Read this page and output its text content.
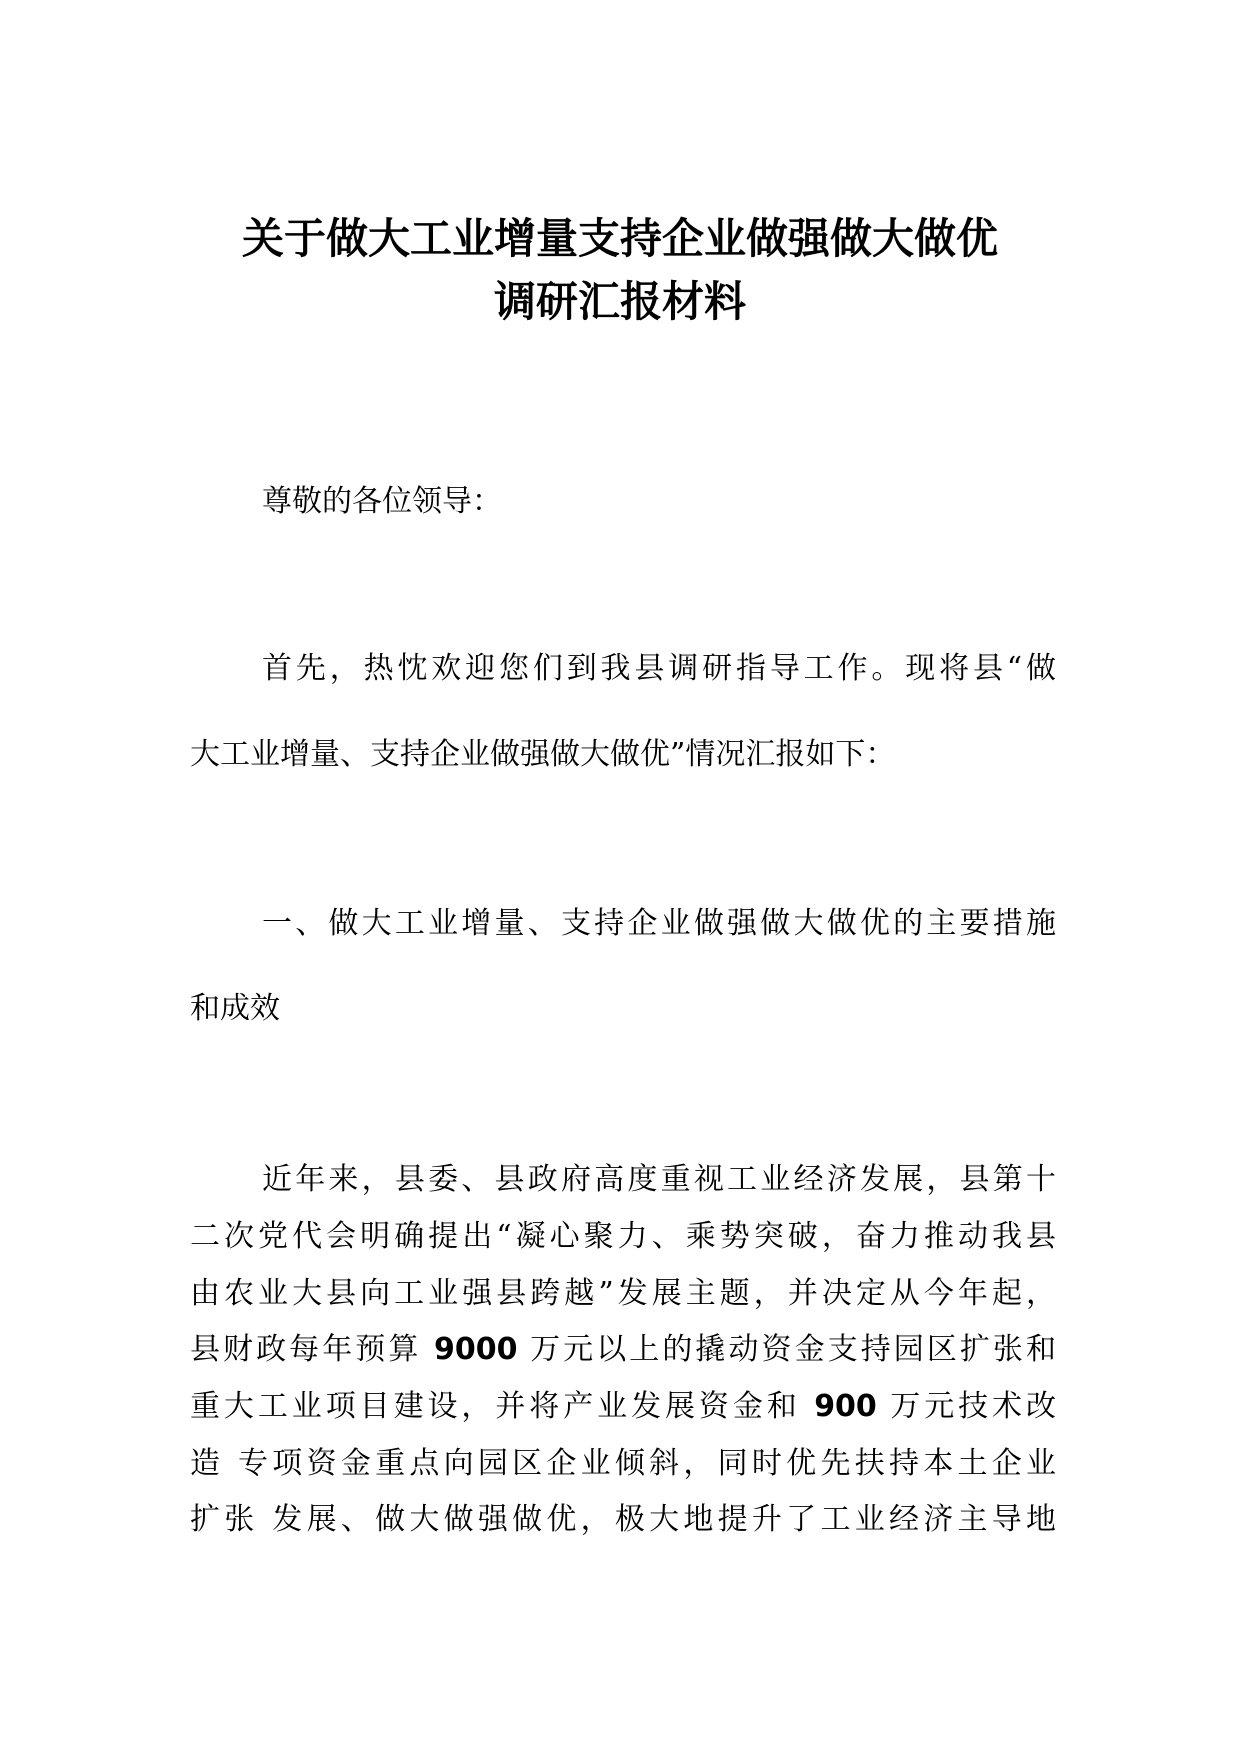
关于做大工业增量支持企业做强做大做优
调研汇报材料
尊敬的各位领导：
首先，热忱欢迎您们到我县调研指导工作。现将县“做
大工业增量、支持企业做强做大做优”情况汇报如下：
一、做大工业增量、支持企业做强做大做优的主要措施
和成效
近年来，县委、县政府高度重视工业经济发展，县第十
二次党代会明确提出“凝心聚力、乘势突破，奋力推动我县
由农业大县向工业强县跨越”发展主题，并决定从今年起，
县财政每年预算 9000 万元以上的撬动资金支持园区扩张和
重大工业项目建设，并将产业发展资金和 900 万元技术改
造 专项资金重点向园区企业倾斜，同时优先扶持本土企业
扩张 发展、做大做强做优，极大地提升了工业经济主导地
